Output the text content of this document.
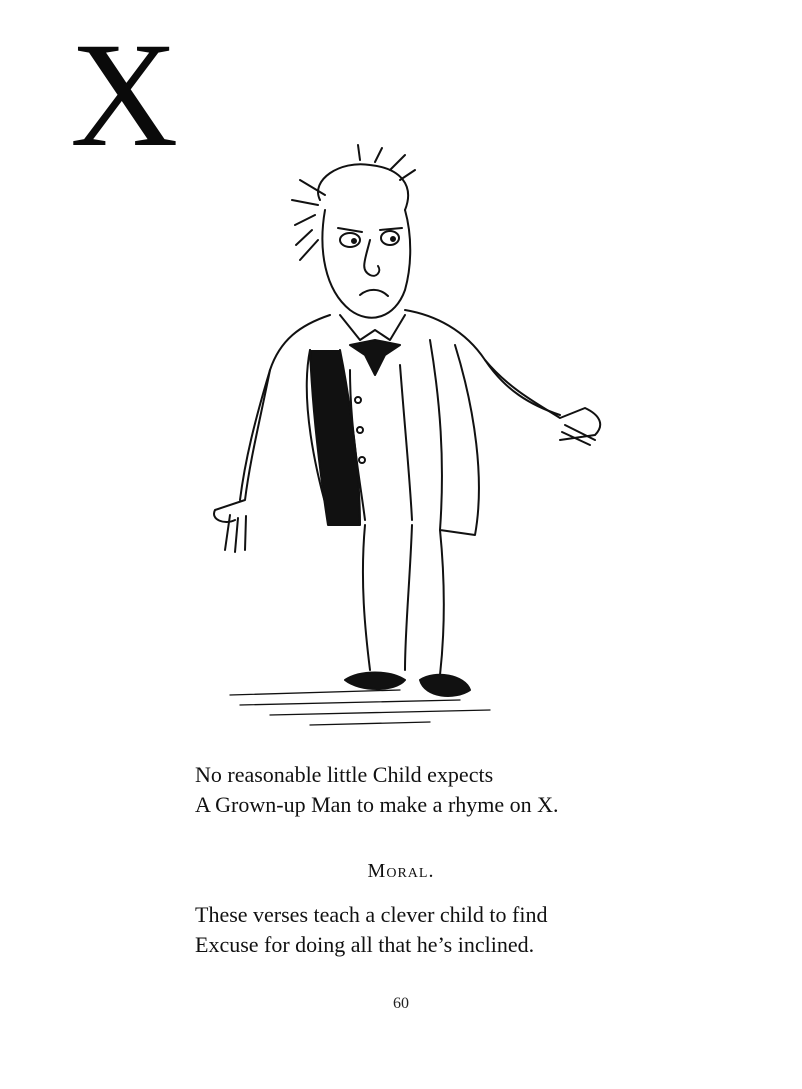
X
No reasonable little Child expects
A Grown-up Man to make a rhyme on X.
Moral.
These verses teach a clever child to find
Excuse for doing all that he’s inclined.
60
